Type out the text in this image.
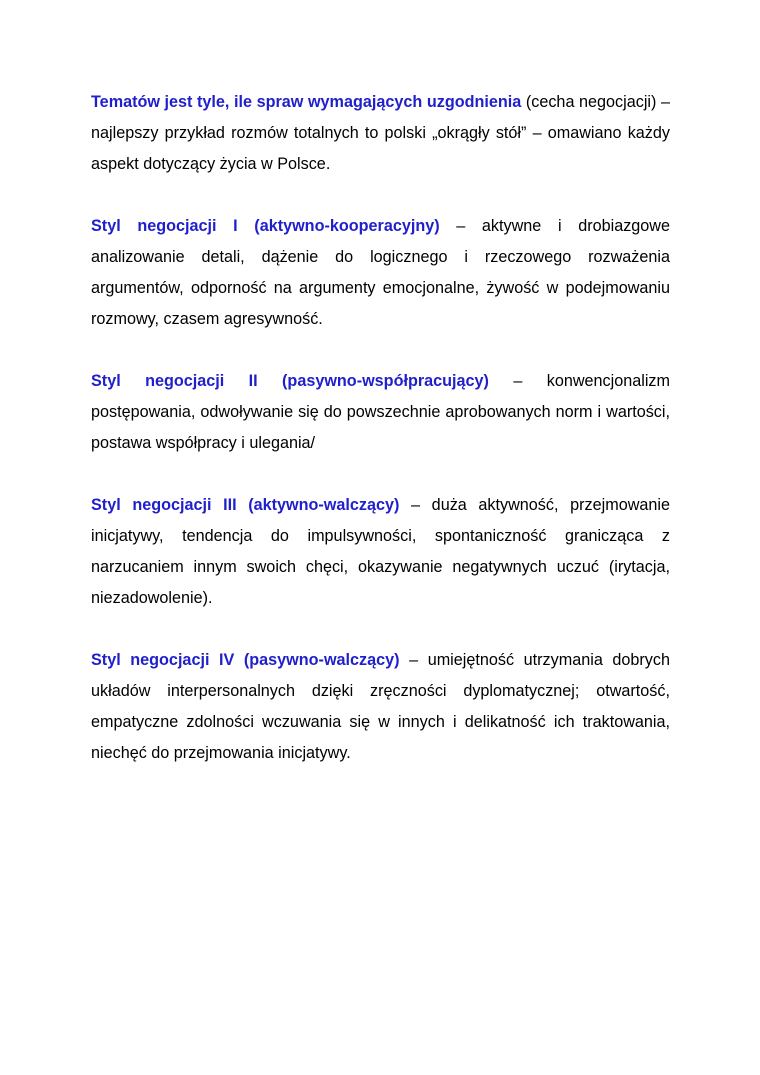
Tematów jest tyle, ile spraw wymagających uzgodnienia (cecha negocjacji) – najlepszy przykład rozmów totalnych to polski „okrągły stół” – omawiano każdy aspekt dotyczący życia w Polsce.

Styl negocjacji I (aktywno-kooperacyjny) – aktywne i drobiazgowe analizowanie detali, dążenie do logicznego i rzeczowego rozważenia argumentów, odporność na argumenty emocjonalne, żywość w podejmowaniu rozmowy, czasem agresywność.

Styl negocjacji II (pasywno-współpracujący) – konwencjonalizm postępowania, odwoływanie się do powszechnie aprobowanych norm i wartości, postawa współpracy i ulegania/

Styl negocjacji III (aktywno-walczący) – duża aktywność, przejmowanie inicjatywy, tendencja do impulsywności, spontaniczność granicząca z narzucaniem innym swoich chęci, okazywanie negatywnych uczuć (irytacja, niezadowolenie).

Styl negocjacji IV (pasywno-walczący) – umiejętność utrzymania dobrych układów interpersonalnych dzięki zręczności dyplomatycznej; otwartość, empatyczne zdolności wczuwania się w innych i delikatność ich traktowania, niechęć do przejmowania inicjatywy.
